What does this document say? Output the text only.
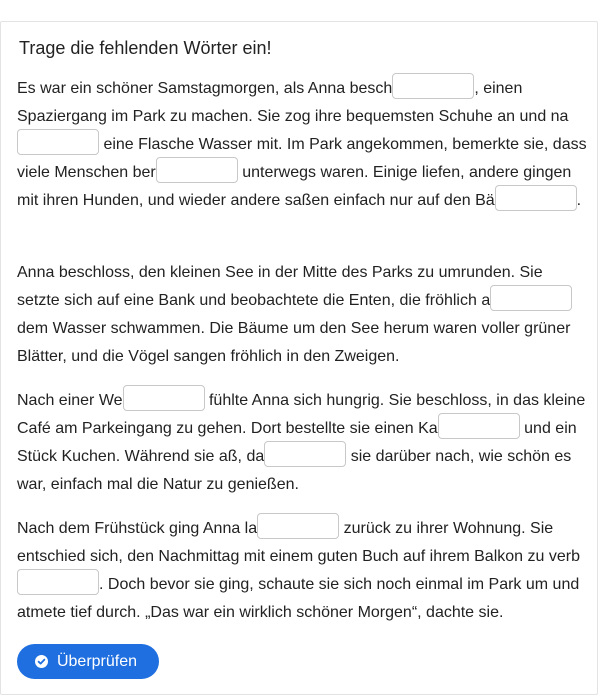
Trage die fehlenden Wörter ein!
Es war ein schöner Samstagmorgen, als Anna besch	, einen Spaziergang im Park zu machen. Sie zog ihre bequemsten Schuhe an und na eine Flasche Wasser mit. Im Park angekommen, bemerkte sie, dass viele Menschen ber	unterwegs waren. Einige liefen, andere gingen mit ihren Hunden, und wieder andere saßen einfach nur auf den Bä	.
Anna beschloss, den kleinen See in der Mitte des Parks zu umrunden. Sie setzte sich auf eine Bank und beobachtete die Enten, die fröhlich a dem Wasser schwammen. Die Bäume um den See herum waren voller grüner Blätter, und die Vögel sangen fröhlich in den Zweigen.
Nach einer We	fühlte Anna sich hungrig. Sie beschloss, in das kleine Café am Parkeingang zu gehen. Dort bestellte sie einen Ka	und ein Stück Kuchen. Während sie aß, da	sie darüber nach, wie schön es war, einfach mal die Natur zu genießen.
Nach dem Frühstück ging Anna la	zurück zu ihrer Wohnung. Sie entschied sich, den Nachmittag mit einem guten Buch auf ihrem Balkon zu verb. Doch bevor sie ging, schaute sie sich noch einmal im Park um und atmete tief durch. „Das war ein wirklich schöner Morgen“, dachte sie.
Überprüfen
